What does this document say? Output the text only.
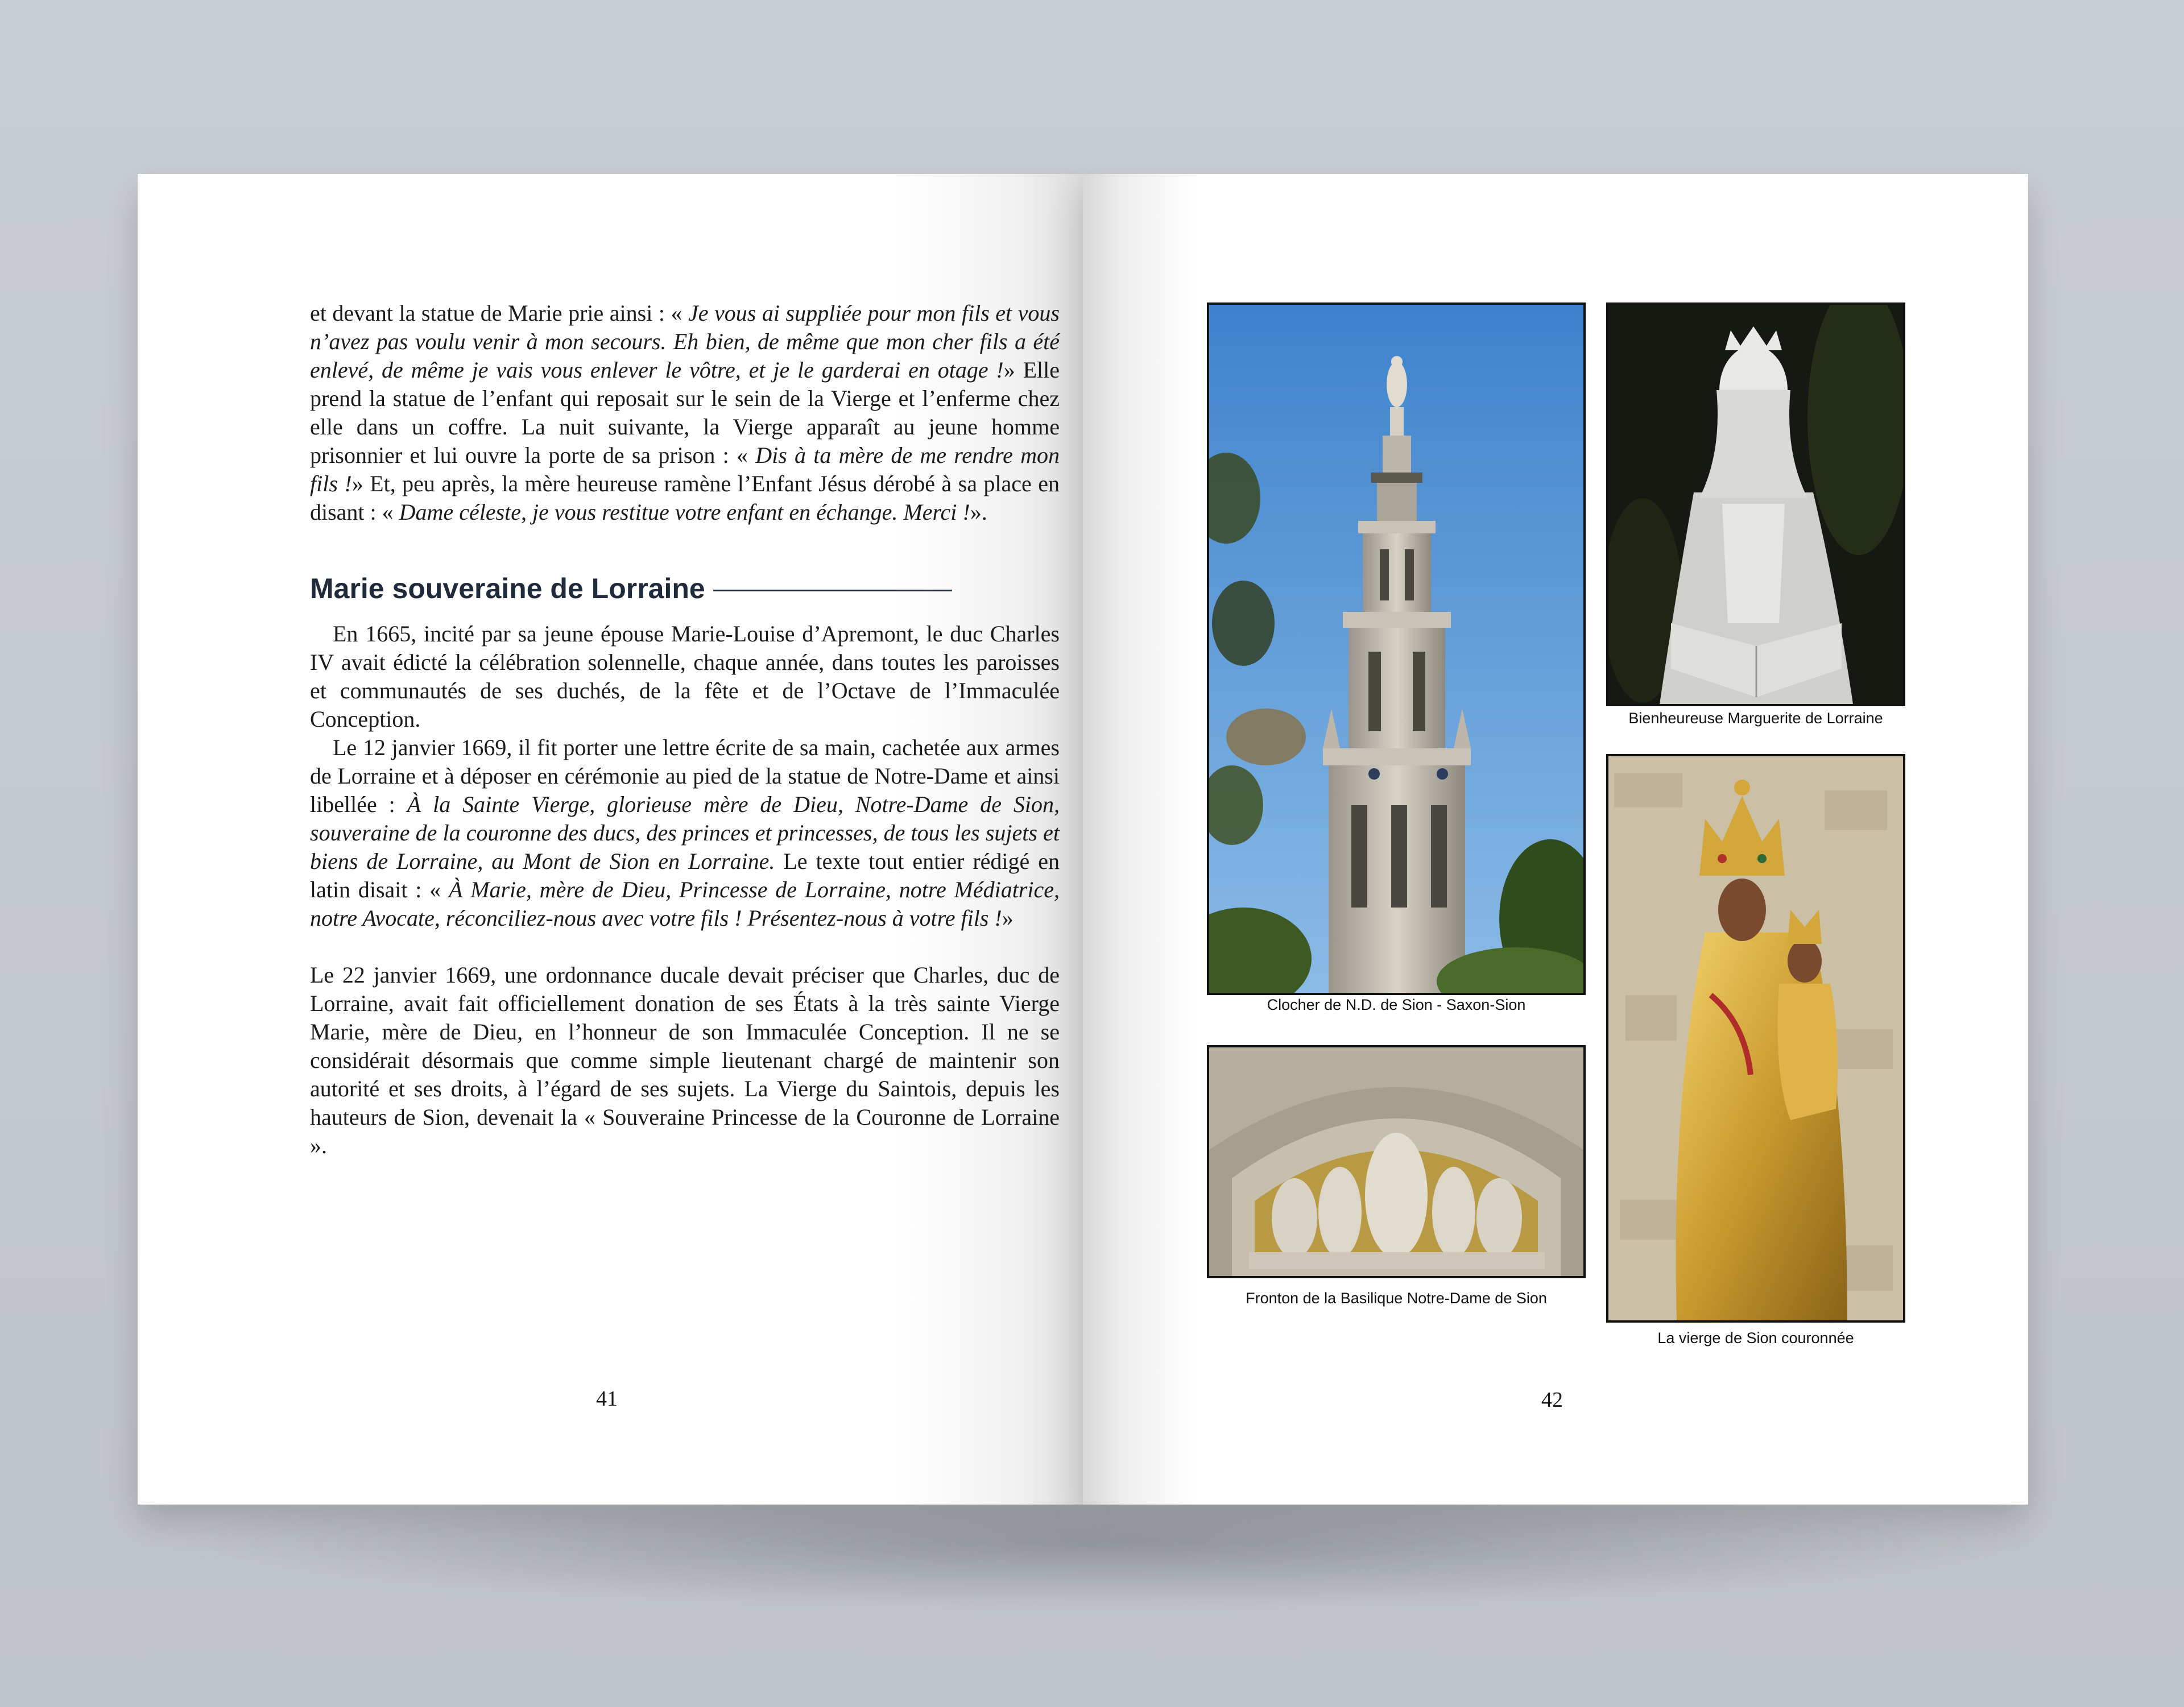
et devant la statue de Marie prie ainsi : « Je vous ai suppliée pour mon fils et vous n’avez pas voulu venir à mon secours. Eh bien, de même que mon cher fils a été enlevé, de même je vais vous enlever le vôtre, et je le garderai en otage !» Elle prend la statue de l’enfant qui reposait sur le sein de la Vierge et l’enferme chez elle dans un coffre. La nuit suivante, la Vierge apparaît au jeune homme prisonnier et lui ouvre la porte de sa prison : « Dis à ta mère de me rendre mon fils !» Et, peu après, la mère heureuse ramène l’Enfant Jésus dérobé à sa place en disant : « Dame céleste, je vous restitue votre enfant en échange. Merci !».

Marie souveraine de Lorraine

En 1665, incité par sa jeune épouse Marie-Louise d’Apremont, le duc Charles IV avait édicté la célébration solennelle, chaque année, dans toutes les paroisses et communautés de ses duchés, de la fête et de l’Octave de l’Immaculée Conception.

Le 12 janvier 1669, il fit porter une lettre écrite de sa main, cachetée aux armes de Lorraine et à déposer en cérémonie au pied de la statue de Notre-Dame et ainsi libellée : À la Sainte Vierge, glorieuse mère de Dieu, Notre-Dame de Sion, souveraine de la couronne des ducs, des princes et princesses, de tous les sujets et biens de Lorraine, au Mont de Sion en Lorraine. Le texte tout entier rédigé en latin disait : « À Marie, mère de Dieu, Princesse de Lorraine, notre Médiatrice, notre Avocate, réconciliez-nous avec votre fils ! Présentez-nous à votre fils !»

Le 22 janvier 1669, une ordonnance ducale devait préciser que Charles, duc de Lorraine, avait fait officiellement donation de ses États à la très sainte Vierge Marie, mère de Dieu, en l’honneur de son Immaculée Conception. Il ne se considérait désormais que comme simple lieutenant chargé de maintenir son autorité et ses droits, à l’égard de ses sujets. La Vierge du Saintois, depuis les hauteurs de Sion, devenait la « Souveraine Princesse de la Couronne de Lorraine ».

41
Clocher de N.D. de Sion - Saxon-Sion
Bienheureuse Marguerite de Lorraine
Fronton de la Basilique Notre-Dame de Sion
La vierge de Sion couronnée
42
